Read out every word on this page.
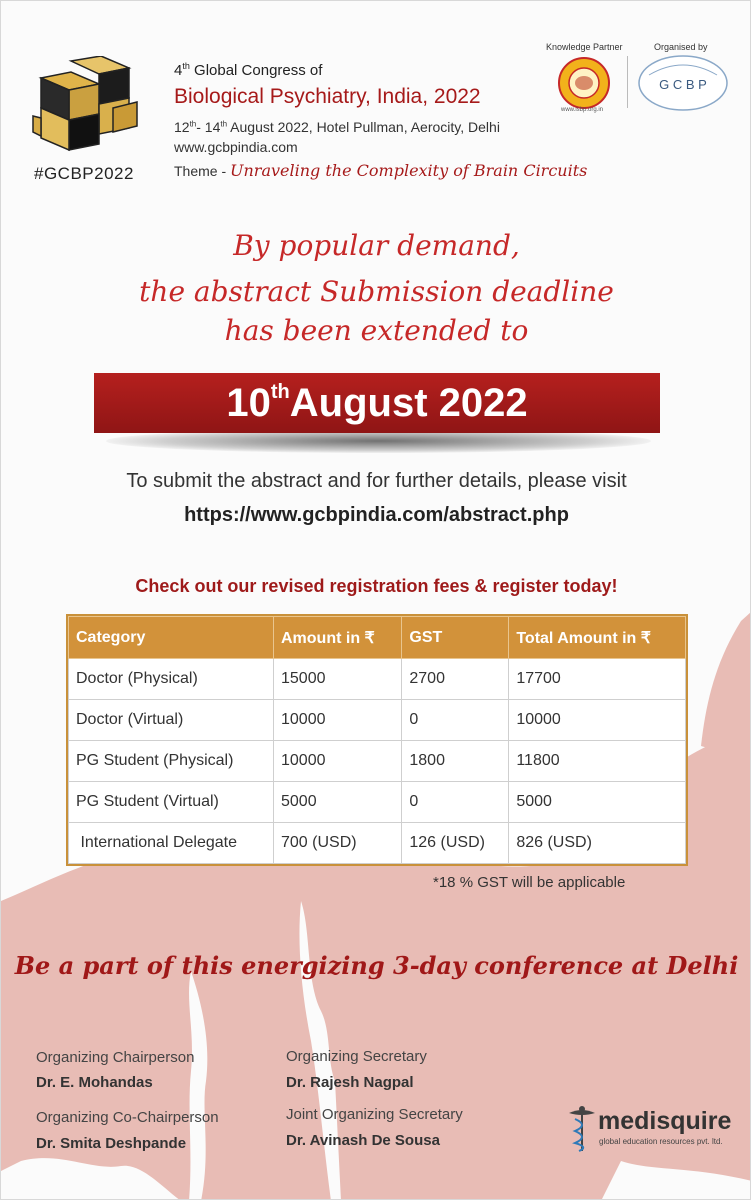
#GCBP2022
4th Global Congress of
Biological Psychiatry, India, 2022
12th- 14th August 2022, Hotel Pullman, Aerocity, Delhi
www.gcbpindia.com
Theme - Unraveling the Complexity of Brain Circuits
Knowledge Partner	Organised by
www.isbp.org.in
G C B P
By popular demand,
the abstract Submission deadline
has been extended to
10thAugust 2022
To submit the abstract and for further details, please visit
https://www.gcbpindia.com/abstract.php
Check out our revised registration fees & register today!
Category	Amount in ₹	GST	Total Amount in ₹
Doctor (Physical)	15000	2700	17700
Doctor (Virtual)	10000	0	10000
PG Student (Physical)	10000	1800	11800
PG Student (Virtual)	5000	0	5000
International Delegate	700 (USD)	126 (USD)	826 (USD)
*18 % GST will be applicable
Be a part of this energizing 3-day conference at Delhi
Organizing Chairperson
Dr. E. Mohandas
Organizing Co-Chairperson
Dr. Smita Deshpande
Organizing Secretary
Dr. Rajesh Nagpal
Joint Organizing Secretary
Dr. Avinash De Sousa
medisquire
global education resources pvt. ltd.
